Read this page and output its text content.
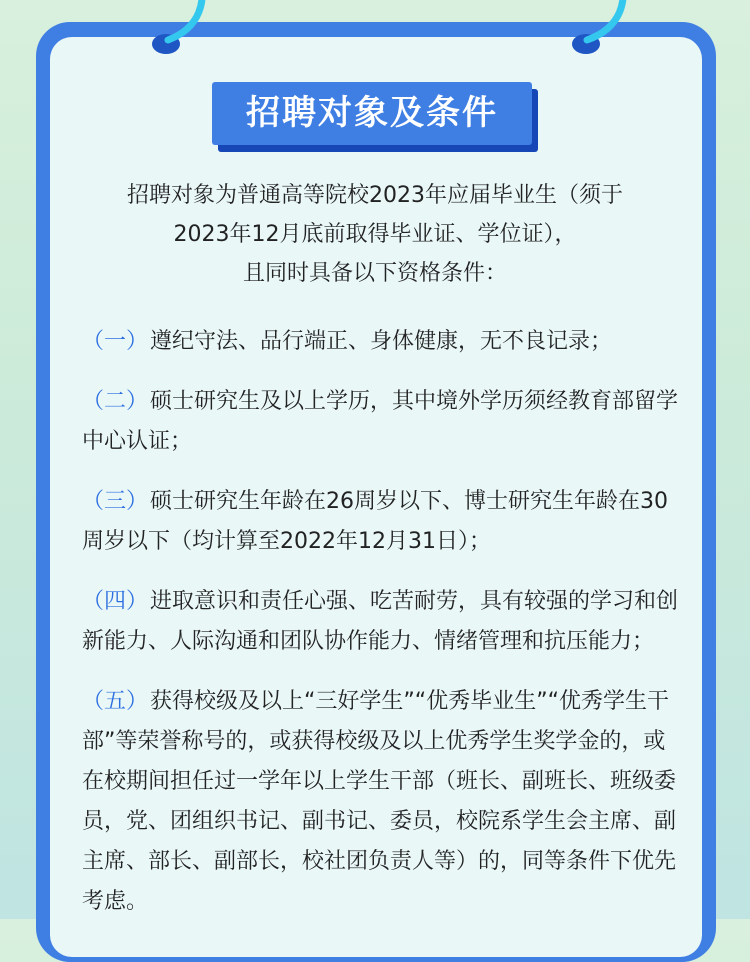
招聘对象及条件
招聘对象为普通高等院校2023年应届毕业生（须于
2023年12月底前取得毕业证、学位证），
且同时具备以下资格条件：
（一）遵纪守法、品行端正、身体健康，无不良记录；
（二）硕士研究生及以上学历，其中境外学历须经教育部留学中心认证；
（三）硕士研究生年龄在26周岁以下、博士研究生年龄在30周岁以下（均计算至2022年12月31日）；
（四）进取意识和责任心强、吃苦耐劳，具有较强的学习和创新能力、人际沟通和团队协作能力、情绪管理和抗压能力；
（五）获得校级及以上“三好学生”“优秀毕业生”“优秀学生干部”等荣誉称号的，或获得校级及以上优秀学生奖学金的，或在校期间担任过一学年以上学生干部（班长、副班长、班级委员，党、团组织书记、副书记、委员，校院系学生会主席、副主席、部长、副部长，校社团负责人等）的，同等条件下优先考虑。
